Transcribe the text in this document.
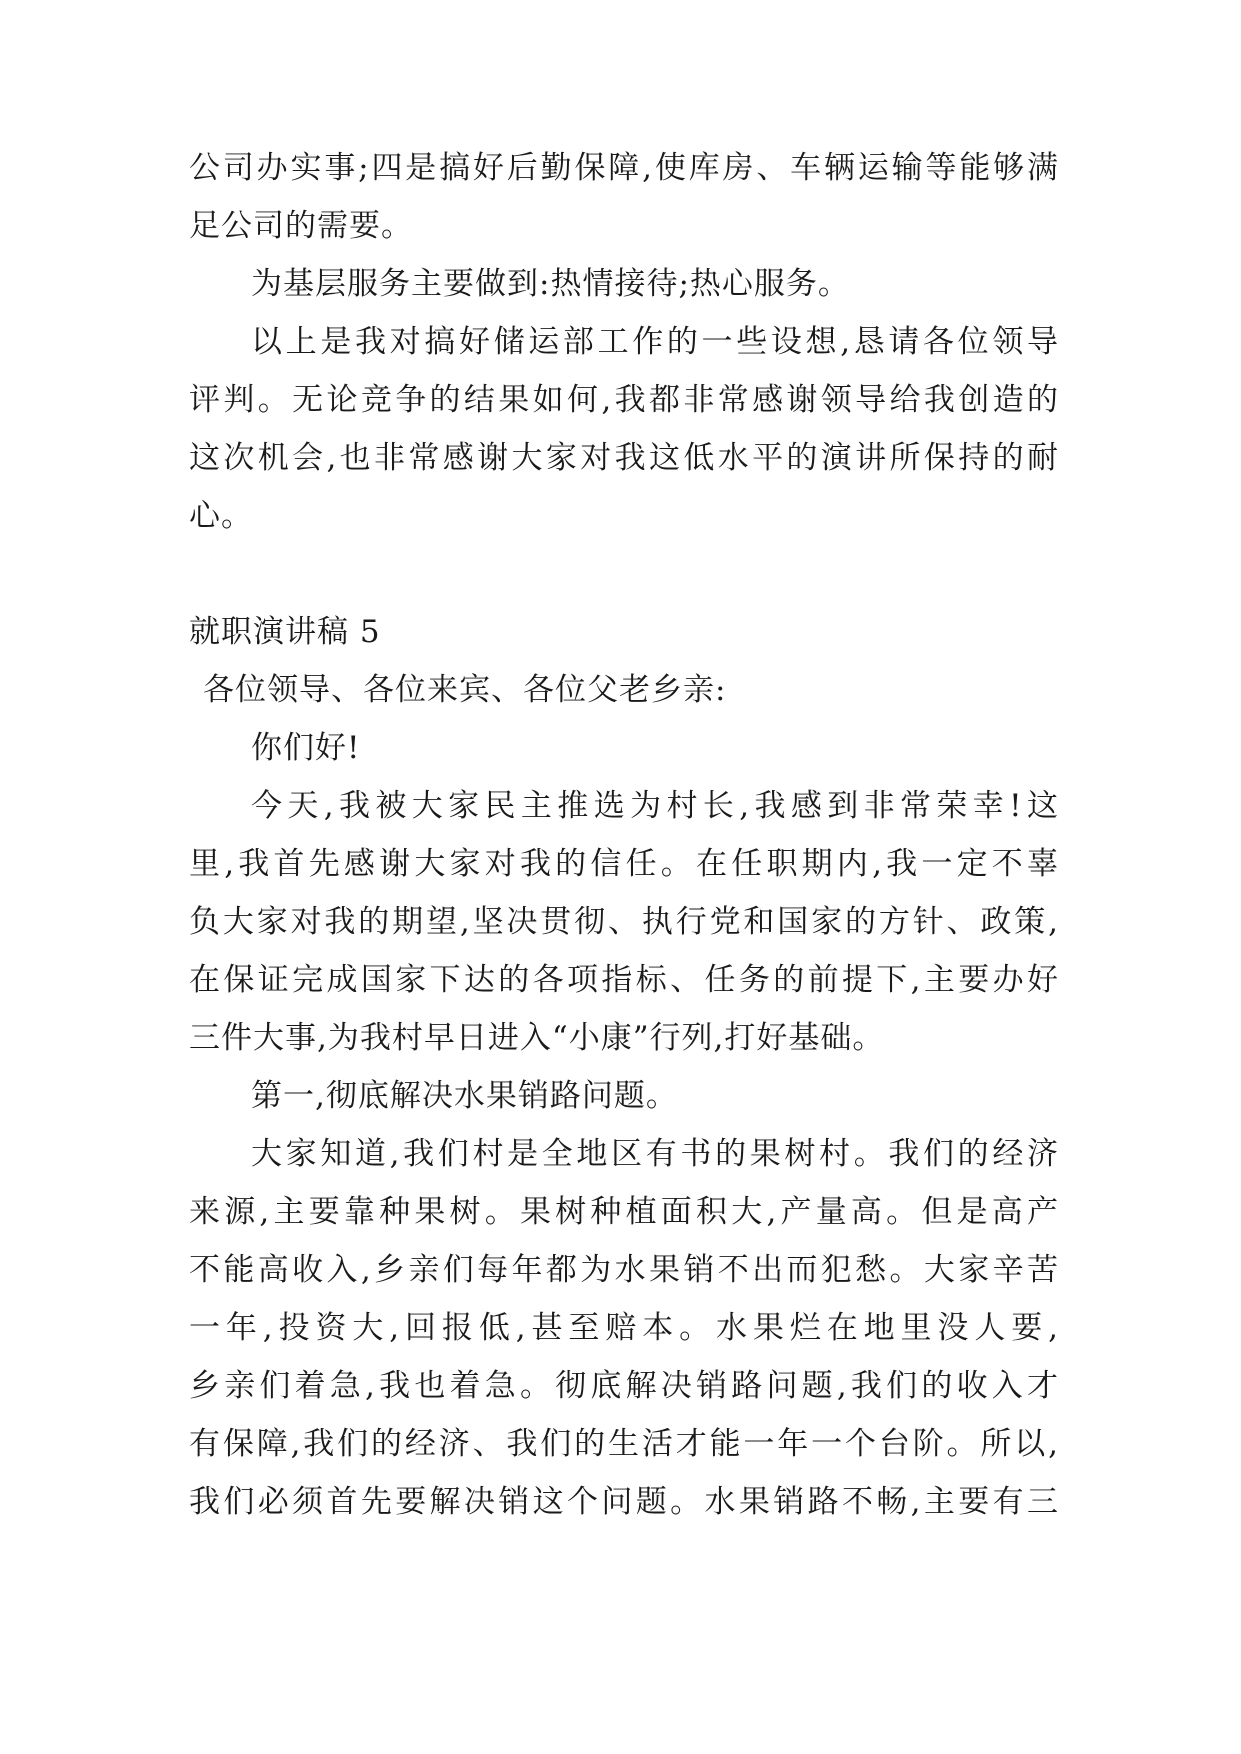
公司办实事;四是搞好后勤保障,使库房、车辆运输等能够满
足公司的需要。
为基层服务主要做到:热情接待;热心服务。
以上是我对搞好储运部工作的一些设想,恳请各位领导
评判。无论竞争的结果如何,我都非常感谢领导给我创造的
这次机会,也非常感谢大家对我这低水平的演讲所保持的耐
心。
就职演讲稿 5
各位领导、各位来宾、各位父老乡亲:
你们好!
今天,我被大家民主推选为村长,我感到非常荣幸!这
里,我首先感谢大家对我的信任。在任职期内,我一定不辜
负大家对我的期望,坚决贯彻、执行党和国家的方针、政策,
在保证完成国家下达的各项指标、任务的前提下,主要办好
三件大事,为我村早日进入“小康”行列,打好基础。
第一,彻底解决水果销路问题。
大家知道,我们村是全地区有书的果树村。我们的经济
来源,主要靠种果树。果树种植面积大,产量高。但是高产
不能高收入,乡亲们每年都为水果销不出而犯愁。大家辛苦
一年,投资大,回报低,甚至赔本。水果烂在地里没人要,
乡亲们着急,我也着急。彻底解决销路问题,我们的收入才
有保障,我们的经济、我们的生活才能一年一个台阶。所以,
我们必须首先要解决销这个问题。水果销路不畅,主要有三
